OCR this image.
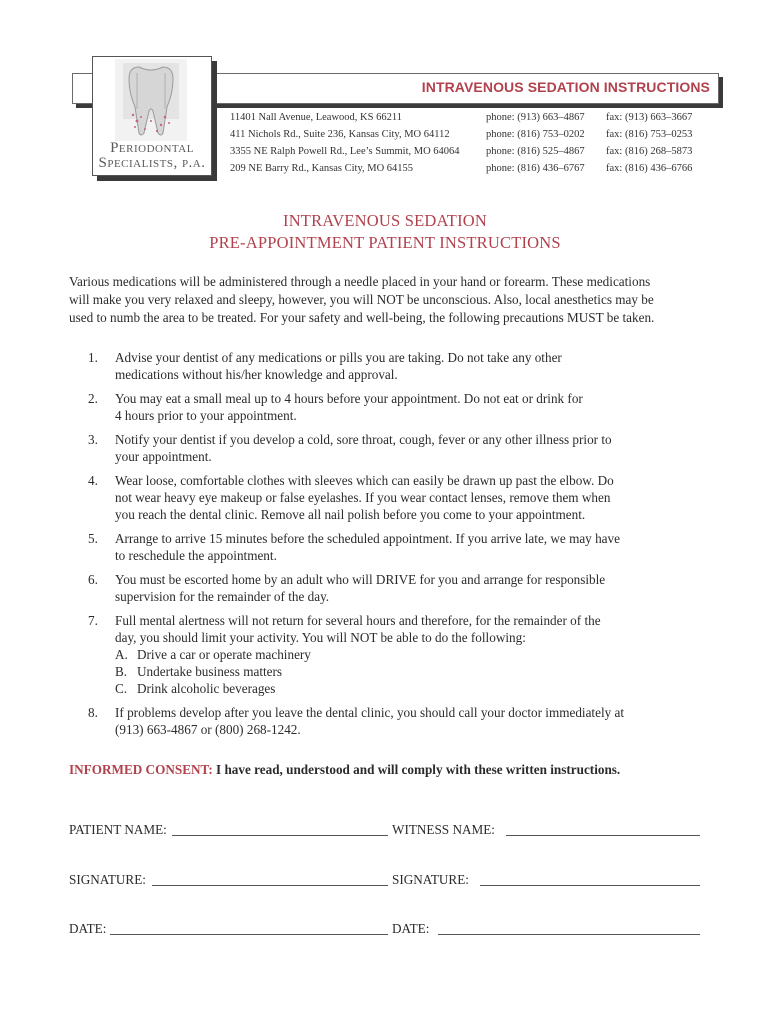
INTRAVENOUS SEDATION INSTRUCTIONS
Periodontal
Specialists, p.a.
11401 Nall Avenue, Leawood, KS 66211	phone: (913) 663–4867 fax: (913) 663–3667
411 Nichols Rd., Suite 236, Kansas City, MO 64112	phone: (816) 753–0202 fax: (816) 753–0253
3355 NE Ralph Powell Rd., Lee’s Summit, MO 64064	phone: (816) 525–4867 fax: (816) 268–5873
209 NE Barry Rd., Kansas City, MO 64155	phone: (816) 436–6767 fax: (816) 436–6766
INTRAVENOUS SEDATION
PRE-APPOINTMENT PATIENT INSTRUCTIONS
Various medications will be administered through a needle placed in your hand or forearm. These medications
will make you very relaxed and sleepy, however, you will NOT be unconscious. Also, local anesthetics may be
used to numb the area to be treated. For your safety and well-being, the following precautions MUST be taken.
1. Advise your dentist of any medications or pills you are taking. Do not take any other
medications without his/her knowledge and approval.
2. You may eat a small meal up to 4 hours before your appointment. Do not eat or drink for
4 hours prior to your appointment.
3. Notify your dentist if you develop a cold, sore throat, cough, fever or any other illness prior to
your appointment.
4. Wear loose, comfortable clothes with sleeves which can easily be drawn up past the elbow. Do
not wear heavy eye makeup or false eyelashes. If you wear contact lenses, remove them when
you reach the dental clinic. Remove all nail polish before you come to your appointment.
5. Arrange to arrive 15 minutes before the scheduled appointment. If you arrive late, we may have
to reschedule the appointment.
6. You must be escorted home by an adult who will DRIVE for you and arrange for responsible
supervision for the remainder of the day.
7. Full mental alertness will not return for several hours and therefore, for the remainder of the
day, you should limit your activity. You will NOT be able to do the following:
A. Drive a car or operate machinery
B. Undertake business matters
C. Drink alcoholic beverages
8. If problems develop after you leave the dental clinic, you should call your doctor immediately at
(913) 663-4867 or (800) 268-1242.
INFORMED CONSENT: I have read, understood and will comply with these written instructions.
PATIENT NAME:	WITNESS NAME:
SIGNATURE:	SIGNATURE:
DATE:	DATE:
